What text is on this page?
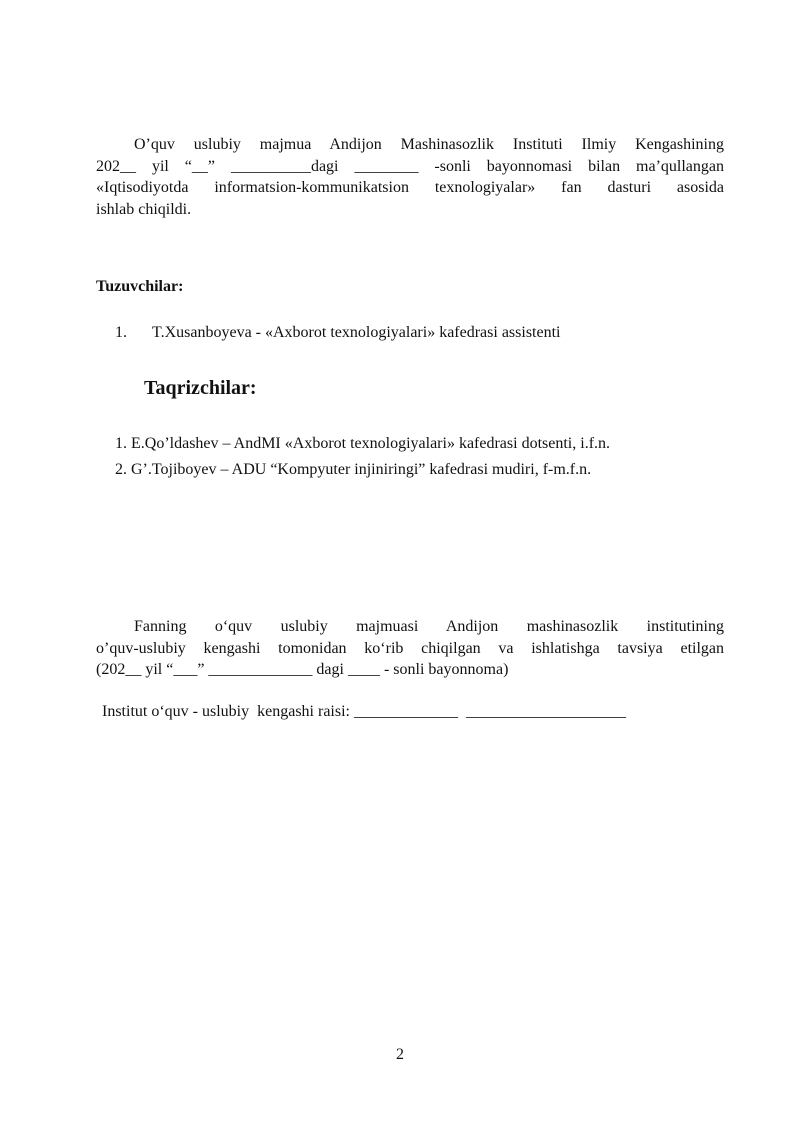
O’quv uslubiy majmua Andijon Mashinasozlik Instituti Ilmiy Kengashining
202__ yil “__” __________dagi ________ -sonli bayonnomasi bilan ma’qullangan
«Iqtisodiyotda informatsion-kommunikatsion texnologiyalar» fan dasturi asosida
ishlab chiqildi.
Tuzuvchilar:
1. T.Xusanboyeva - «Axborot texnologiyalari» kafedrasi assistenti
Taqrizchilar:
1. E.Qo’ldashev – AndMI «Axborot texnologiyalari» kafedrasi dotsenti, i.f.n.
2. G’.Tojiboyev – ADU “Kompyuter injiniringi” kafedrasi mudiri, f-m.f.n.
Fanning o‘quv uslubiy majmuasi Andijon mashinasozlik institutining
o’quv-uslubiy kengashi tomonidan ko‘rib chiqilgan va ishlatishga tavsiya etilgan
(202__ yil “___” _____________ dagi ____ - sonli bayonnoma)
Institut o‘quv - uslubiy  kengashi raisi: _____________  ____________________
2
